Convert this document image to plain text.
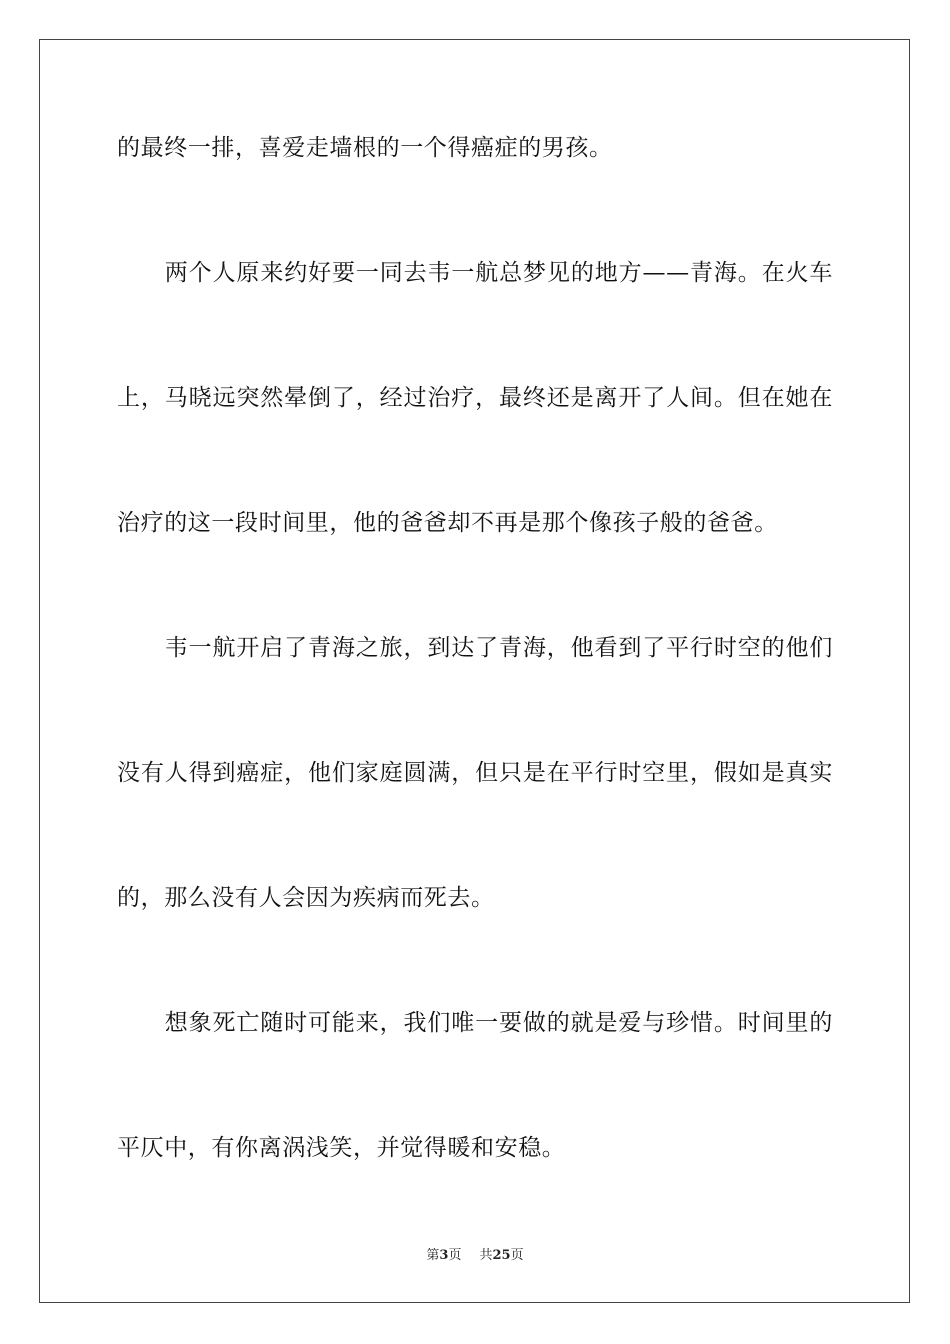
的最终一排，喜爱走墙根的一个得癌症的男孩。
　　两个人原来约好要一同去韦一航总梦见的地方——青海。在火车
上，马晓远突然晕倒了，经过治疗，最终还是离开了人间。但在她在
治疗的这一段时间里，他的爸爸却不再是那个像孩子般的爸爸。
　　韦一航开启了青海之旅，到达了青海，他看到了平行时空的他们
没有人得到癌症，他们家庭圆满，但只是在平行时空里，假如是真实
的，那么没有人会因为疾病而死去。
　　想象死亡随时可能来，我们唯一要做的就是爱与珍惜。时间里的
平仄中，有你离涡浅笑，并觉得暖和安稳。
第3页 共25页
